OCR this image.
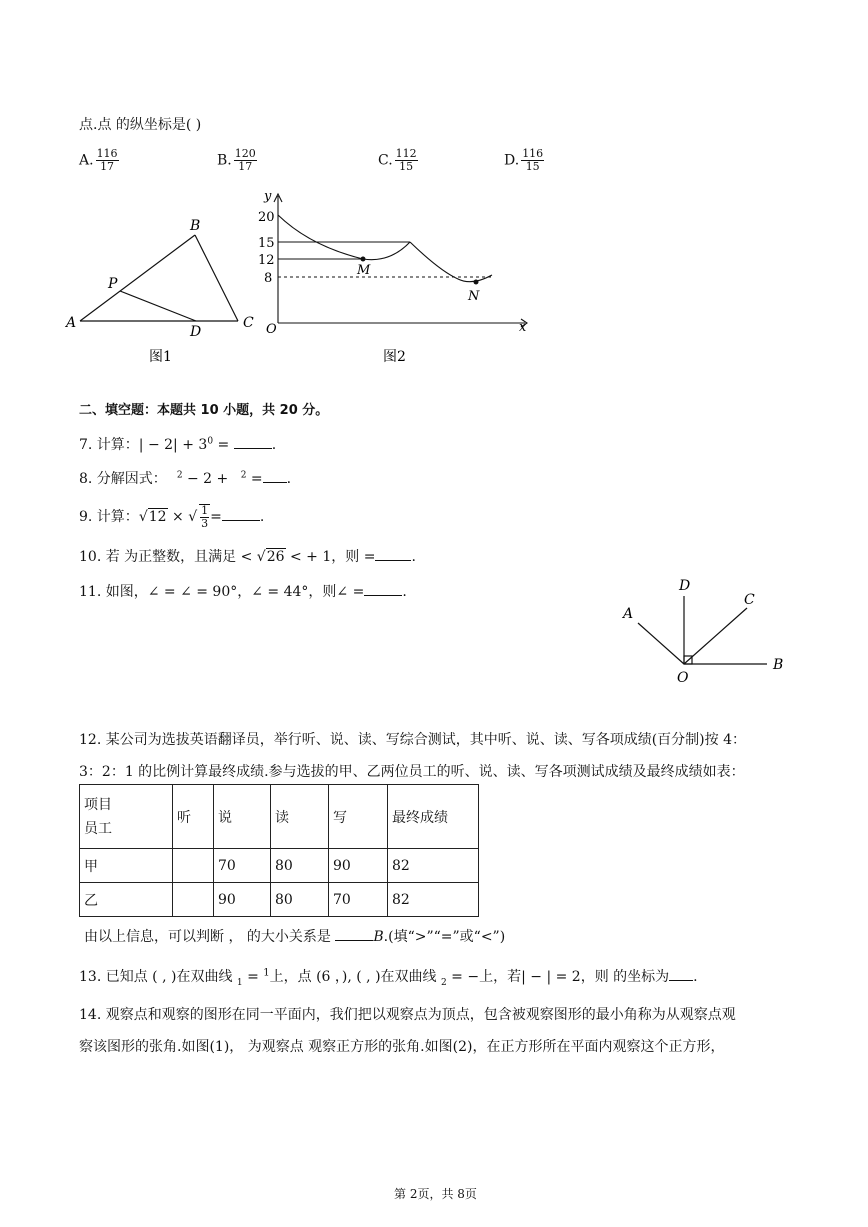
点.点 的纵坐标是( )
A. $\frac{116}{17}$	B. $\frac{120}{17}$	C. $\frac{112}{15}$	D. $\frac{116}{15}$
A
B
C
D
P
图1
y
x
O
20
15
12
8
M
N
图2
二、填空题：本题共 10 小题，共 20 分。
7. 计算：| − $2| + 3^0$ =	.
8. 分解因式： $^2$ − 2 + $^2$ = .
9. 计算：√12 × √ $\frac{1}{3}$ =	.
10. 若 为正整数，且满足 < √26 < + 1，则 =	.
11. 如图，∠ = ∠ = 90°，∠ = 44°，则∠ =	.
A
D
C
B
O
12. 某公司为选拔英语翻译员，举行听、说、读、写综合测试，其中听、说、读、写各项成绩(百分制)按 4：
3：2：1 的比例计算最终成绩.参与选拔的甲、乙两位员工的听、说、读、写各项测试成绩及最终成绩如表：
项目
员工	听	说	读	写	最终成绩
甲		70	80	90	82
乙		90	80	70	82
由以上信息，可以判断 ， 的大小关系是	B.(填“>”“=”或“<”)
13. 已知点 ( , )在双曲线 $_1$ = $^1$上，点 (6 ，), ( , )在双曲线 $_2$ = −上，若| − | = 2，则 的坐标为 .
14. 观察点和观察的图形在同一平面内，我们把以观察点为顶点，包含被观察图形的最小角称为从观察点观
察该图形的张角.如图(1)， 为观察点 观察正方形的张角.如图(2)，在正方形所在平面内观察这个正方形，
第 2页，共 8页
